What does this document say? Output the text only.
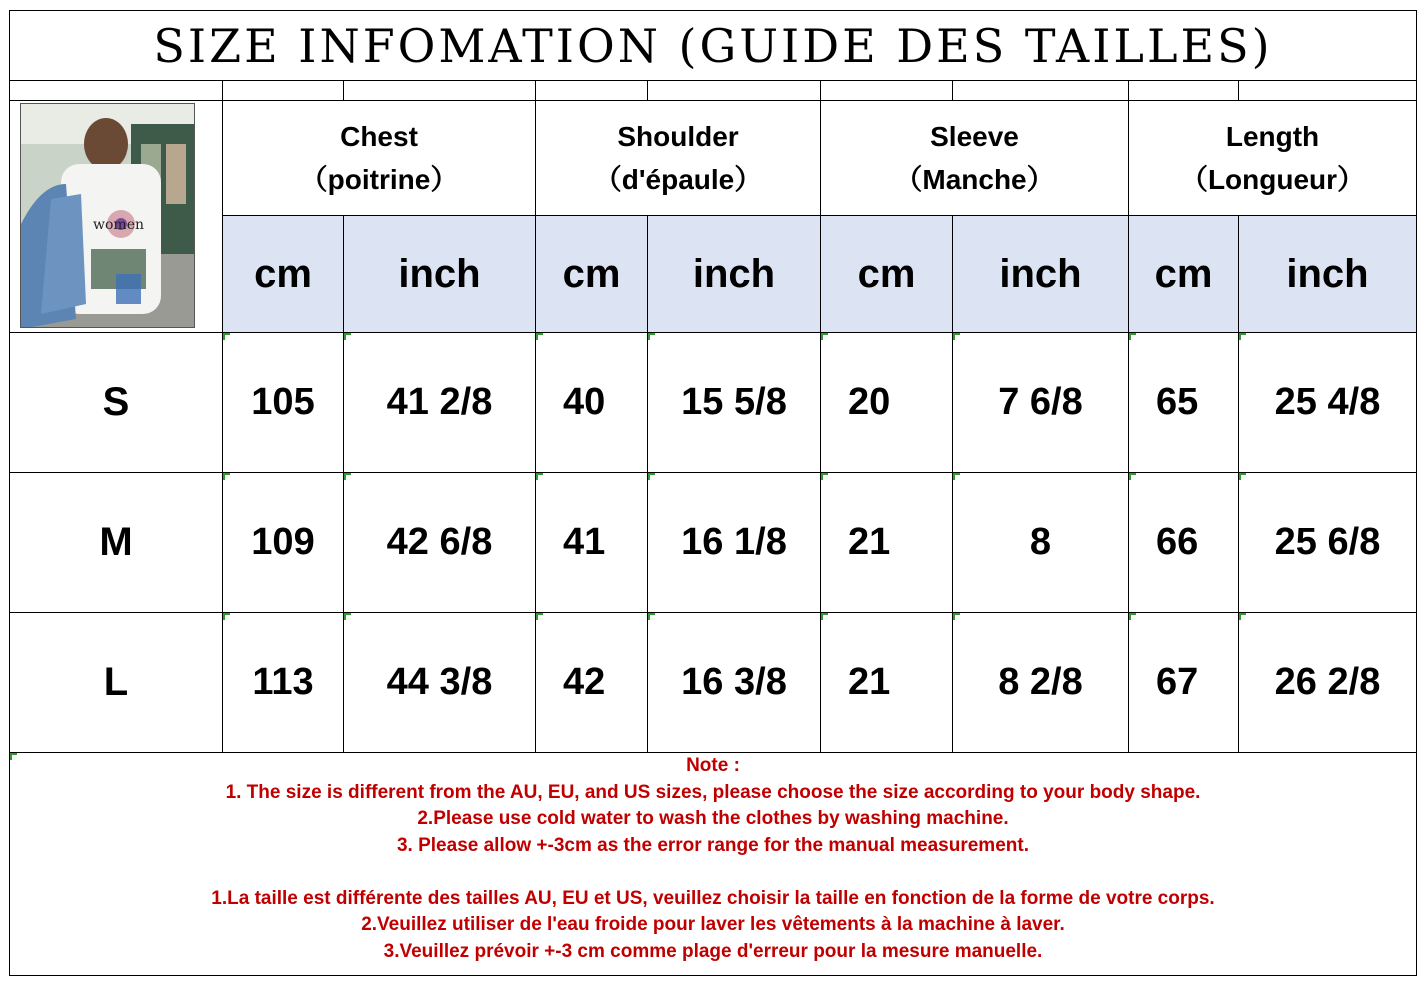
SIZE INFOMATION (GUIDE DES TAILLES)
women
Chest
（poitrine）
Shoulder
（d'épaule）
Sleeve
（Manche）
Length
（Longueur）
cm	inch	cm	inch	cm	inch	cm	inch
S	105	41 2/8	40	15 5/8	20	7 6/8	65	25 4/8
M	109	42 6/8	41	16 1/8	21	8	66	25 6/8
L	113	44 3/8	42	16 3/8	21	8 2/8	67	26 2/8
Note :
1. The size is different from the AU, EU, and US sizes, please choose the size according to your body shape.
2.Please use cold water to wash the clothes by washing machine.
3. Please allow +-3cm as the error range for the manual measurement.
1.La taille est différente des tailles AU, EU et US, veuillez choisir la taille en fonction de la forme de votre corps.
2.Veuillez utiliser de l'eau froide pour laver les vêtements à la machine à laver.
3.Veuillez prévoir +-3 cm comme plage d'erreur pour la mesure manuelle.
